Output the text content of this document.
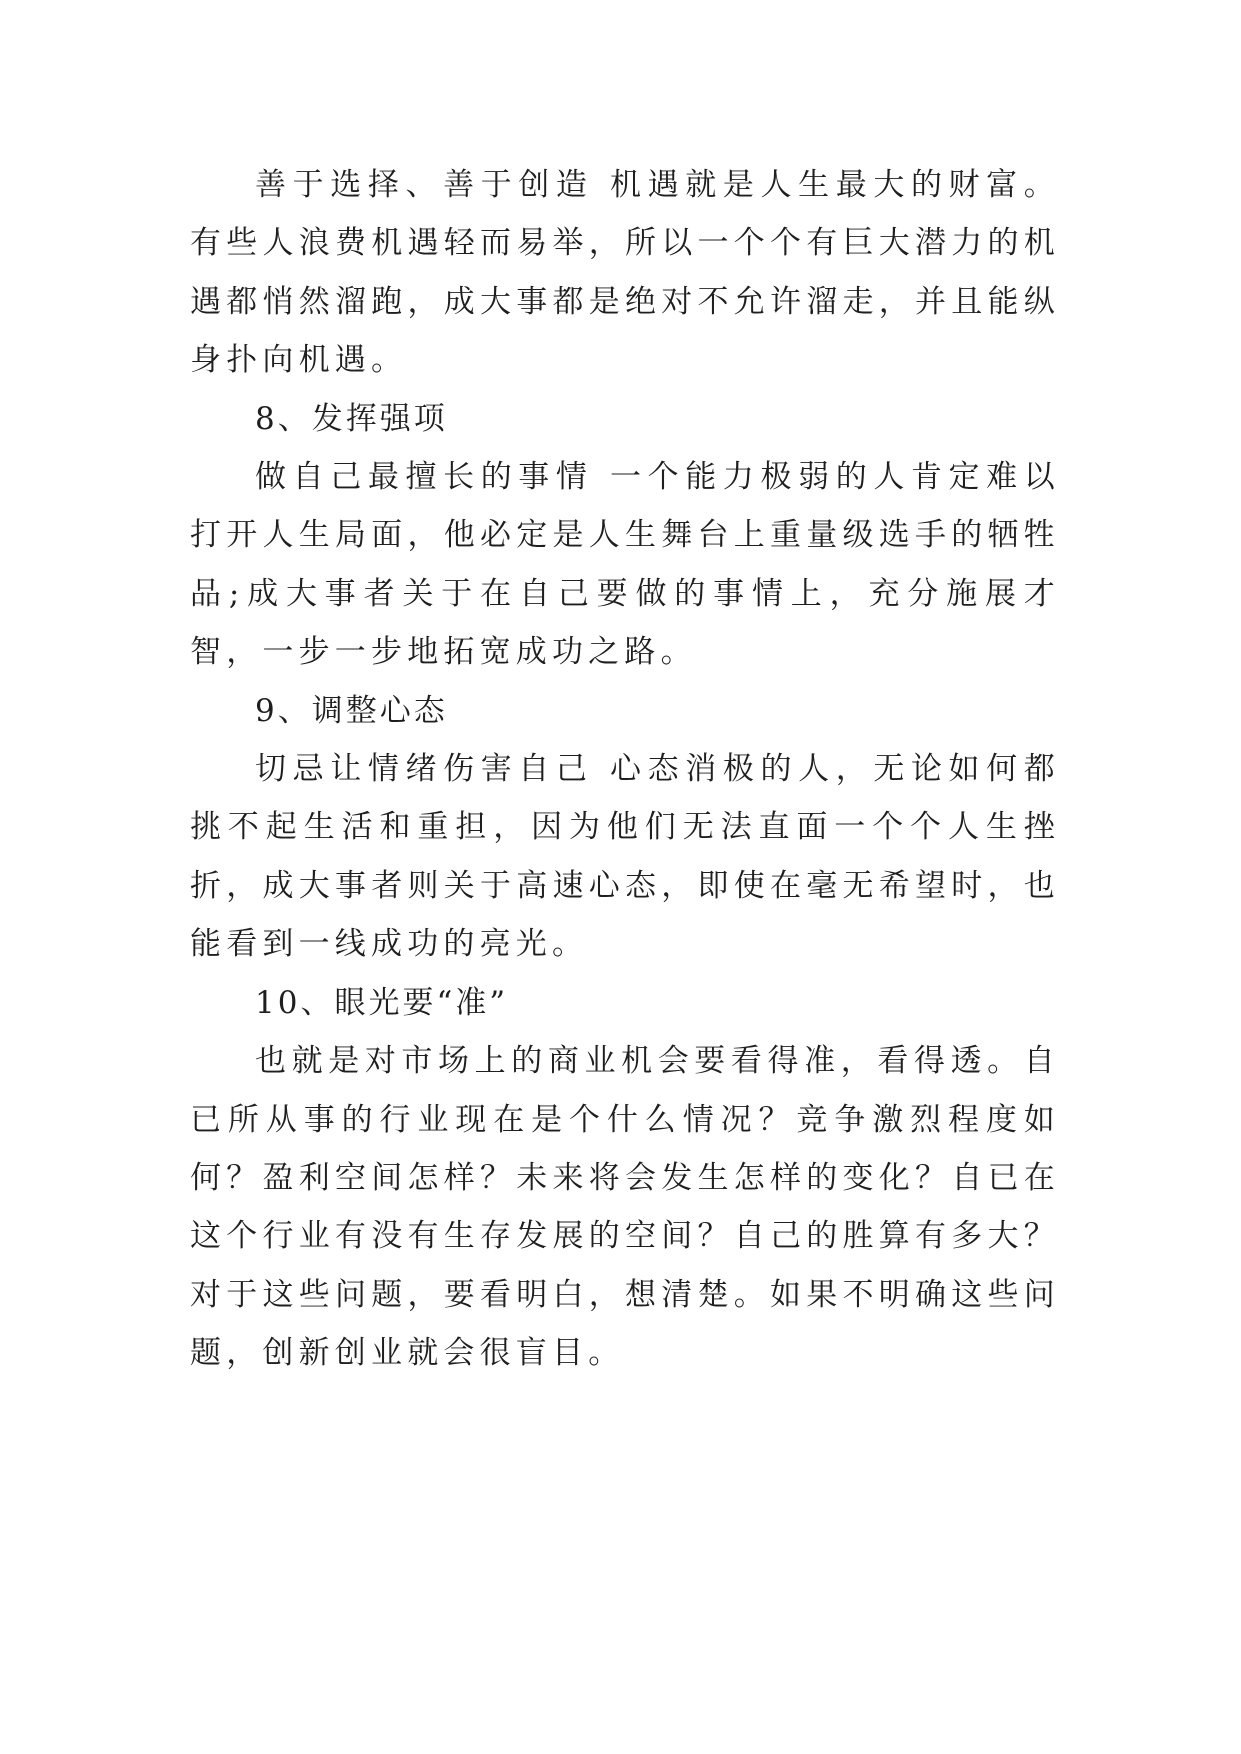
善于选择、善于创造 机遇就是人生最大的财富。有些人浪费机遇轻而易举，所以一个个有巨大潜力的机遇都悄然溜跑，成大事都是绝对不允许溜走，并且能纵身扑向机遇。

8、发挥强项

做自己最擅长的事情 一个能力极弱的人肯定难以打开人生局面，他必定是人生舞台上重量级选手的牺牲品;成大事者关于在自己要做的事情上，充分施展才智，一步一步地拓宽成功之路。

9、调整心态

切忌让情绪伤害自己 心态消极的人，无论如何都挑不起生活和重担，因为他们无法直面一个个人生挫折，成大事者则关于高速心态，即使在毫无希望时，也能看到一线成功的亮光。

10、眼光要“准”

也就是对市场上的商业机会要看得准，看得透。自已所从事的行业现在是个什么情况？竞争激烈程度如何？盈利空间怎样？未来将会发生怎样的变化？自已在这个行业有没有生存发展的空间？自己的胜算有多大？对于这些问题，要看明白，想清楚。如果不明确这些问题，创新创业就会很盲目。
